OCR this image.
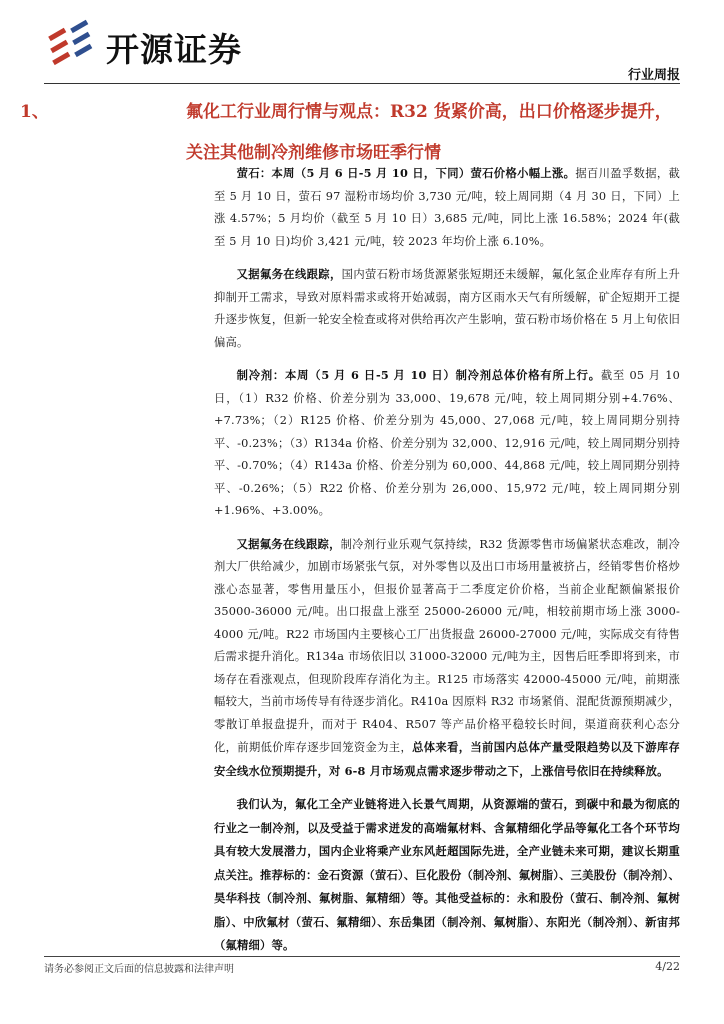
开源证券
行业周报
1、	氟化工行业周行情与观点：R32 货紧价高，出口价格逐步提升，关注其他制冷剂维修市场旺季行情

萤石：本周（5 月 6 日-5 月 10 日，下同）萤石价格小幅上涨。据百川盈孚数据，截至 5 月 10 日，萤石 97 湿粉市场均价 3,730 元/吨，较上周同期（4 月 30 日，下同）上涨 4.57%；5 月均价（截至 5 月 10 日）3,685 元/吨，同比上涨 16.58%；2024 年(截至 5 月 10 日)均价 3,421 元/吨，较 2023 年均价上涨 6.10%。

又据氟务在线跟踪，国内萤石粉市场货源紧张短期还未缓解，氟化氢企业库存有所上升抑制开工需求，导致对原料需求或将开始减弱，南方区雨水天气有所缓解，矿企短期开工提升逐步恢复，但新一轮安全检查或将对供给再次产生影响，萤石粉市场价格在 5 月上旬依旧偏高。

制冷剂：本周（5 月 6 日-5 月 10 日）制冷剂总体价格有所上行。截至 05 月 10 日，（1）R32 价格、价差分别为 33,000、19,678 元/吨，较上周同期分别+4.76%、+7.73%；（2）R125 价格、价差分别为 45,000、27,068 元/吨，较上周同期分别持平、-0.23%；（3）R134a 价格、价差分别为 32,000、12,916 元/吨，较上周同期分别持平、-0.70%；（4）R143a 价格、价差分别为 60,000、44,868 元/吨，较上周同期分别持平、-0.26%；（5）R22 价格、价差分别为 26,000、15,972 元/吨，较上周同期分别+1.96%、+3.00%。

又据氟务在线跟踪，制冷剂行业乐观气氛持续，R32 货源零售市场偏紧状态难改，制冷剂大厂供给减少，加剧市场紧张气氛，对外零售以及出口市场用量被挤占，经销零售价格炒涨心态显著，零售用量压小，但报价显著高于二季度定价价格，当前企业配额偏紧报价 35000-36000 元/吨。出口报盘上涨至 25000-26000 元/吨，相较前期市场上涨 3000-4000 元/吨。R22 市场国内主要核心工厂出货报盘 26000-27000 元/吨，实际成交有待售后需求提升消化。R134a 市场依旧以 31000-32000 元/吨为主，因售后旺季即将到来，市场存在看涨观点，但现阶段库存消化为主。R125 市场落实 42000-45000 元/吨，前期涨幅较大，当前市场传导有待逐步消化。R410a 因原料 R32 市场紧俏、混配货源预期减少，零散订单报盘提升，而对于 R404、R507 等产品价格平稳较长时间，渠道商获利心态分化，前期低价库存逐步回笼资金为主，总体来看，当前国内总体产量受限趋势以及下游库存安全线水位预期提升，对 6-8 月市场观点需求逐步带动之下，上涨信号依旧在持续释放。

我们认为，氟化工全产业链将进入长景气周期，从资源端的萤石，到碳中和最为彻底的行业之一制冷剂，以及受益于需求迸发的高端氟材料、含氟精细化学品等氟化工各个环节均具有较大发展潜力，国内企业将乘产业东风赶超国际先进，全产业链未来可期，建议长期重点关注。推荐标的：金石资源（萤石）、巨化股份（制冷剂、氟树脂）、三美股份（制冷剂）、昊华科技（制冷剂、氟树脂、氟精细）等。其他受益标的：永和股份（萤石、制冷剂、氟树脂）、中欣氟材（萤石、氟精细）、东岳集团（制冷剂、氟树脂）、东阳光（制冷剂）、新宙邦（氟精细）等。

请务必参阅正文后面的信息披露和法律声明	4/22
